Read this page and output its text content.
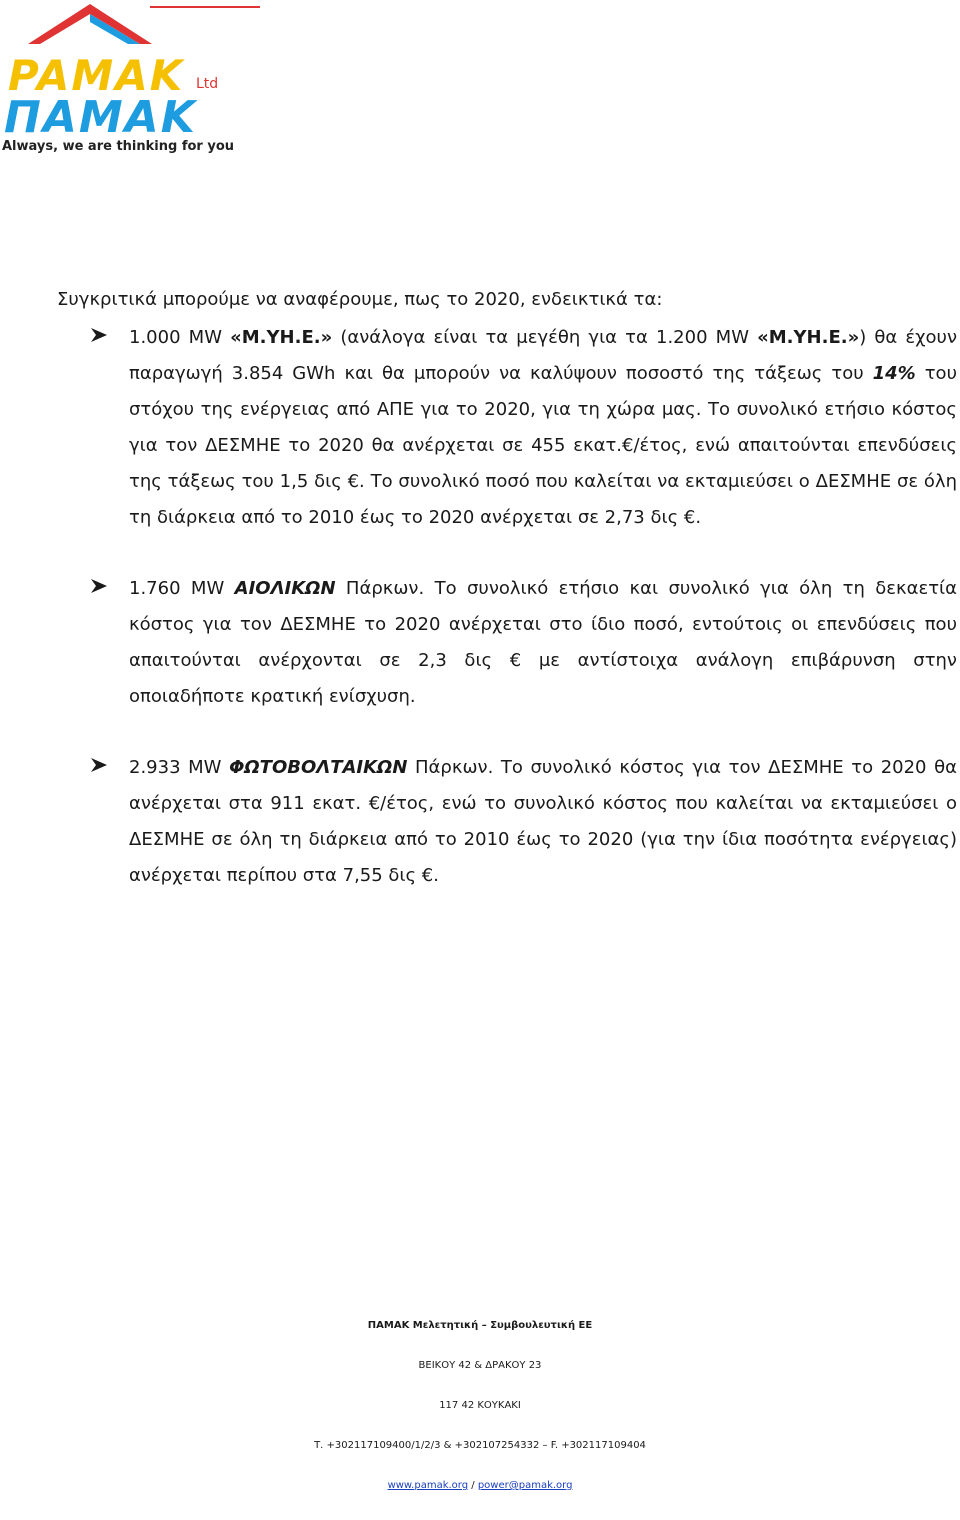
PAMAK Ltd
ΠΑΜΑΚ
Always, we are thinking for you

Συγκριτικά μπορούμε να αναφέρουμε, πως το 2020, ενδεικτικά τα:

1.000 MW «Μ.ΥΗ.Ε.» (ανάλογα είναι τα μεγέθη για τα 1.200 MW «Μ.ΥΗ.Ε.») θα έχουν παραγωγή 3.854 GWh και θα μπορούν να καλύψουν ποσοστό της τάξεως του 14% του στόχου της ενέργειας από ΑΠΕ για το 2020, για τη χώρα μας. Το συνολικό ετήσιο κόστος για τον ΔΕΣΜΗΕ το 2020 θα ανέρχεται σε 455 εκατ.€/έτος, ενώ απαιτούνται επενδύσεις της τάξεως του 1,5 δις €. Το συνολικό ποσό που καλείται να εκταμιεύσει ο ΔΕΣΜΗΕ σε όλη τη διάρκεια από το 2010 έως το 2020 ανέρχεται σε 2,73 δις €.

1.760 MW ΑΙΟΛΙΚΩΝ Πάρκων. Το συνολικό ετήσιο και συνολικό για όλη τη δεκαετία κόστος για τον ΔΕΣΜΗΕ το 2020 ανέρχεται στο ίδιο ποσό, εντούτοις οι επενδύσεις που απαιτούνται ανέρχονται σε 2,3 δις € με αντίστοιχα ανάλογη επιβάρυνση στην οποιαδήποτε κρατική ενίσχυση.

2.933 MW ΦΩΤΟΒΟΛΤΑΙΚΩΝ Πάρκων. Το συνολικό κόστος για τον ΔΕΣΜΗΕ το 2020 θα ανέρχεται στα 911 εκατ. €/έτος, ενώ το συνολικό κόστος που καλείται να εκταμιεύσει ο ΔΕΣΜΗΕ σε όλη τη διάρκεια από το 2010 έως το 2020 (για την ίδια ποσότητα ενέργειας) ανέρχεται περίπου στα 7,55 δις €.

ΠΑΜΑΚ Μελετητική – Συμβουλευτική ΕΕ
ΒΕΙΚΟΥ 42 & ΔΡΑΚΟΥ 23
117 42 ΚΟΥΚΑΚΙ
Τ. +302117109400/1/2/3 & +302107254332 – F. +302117109404
www.pamak.org / power@pamak.org
